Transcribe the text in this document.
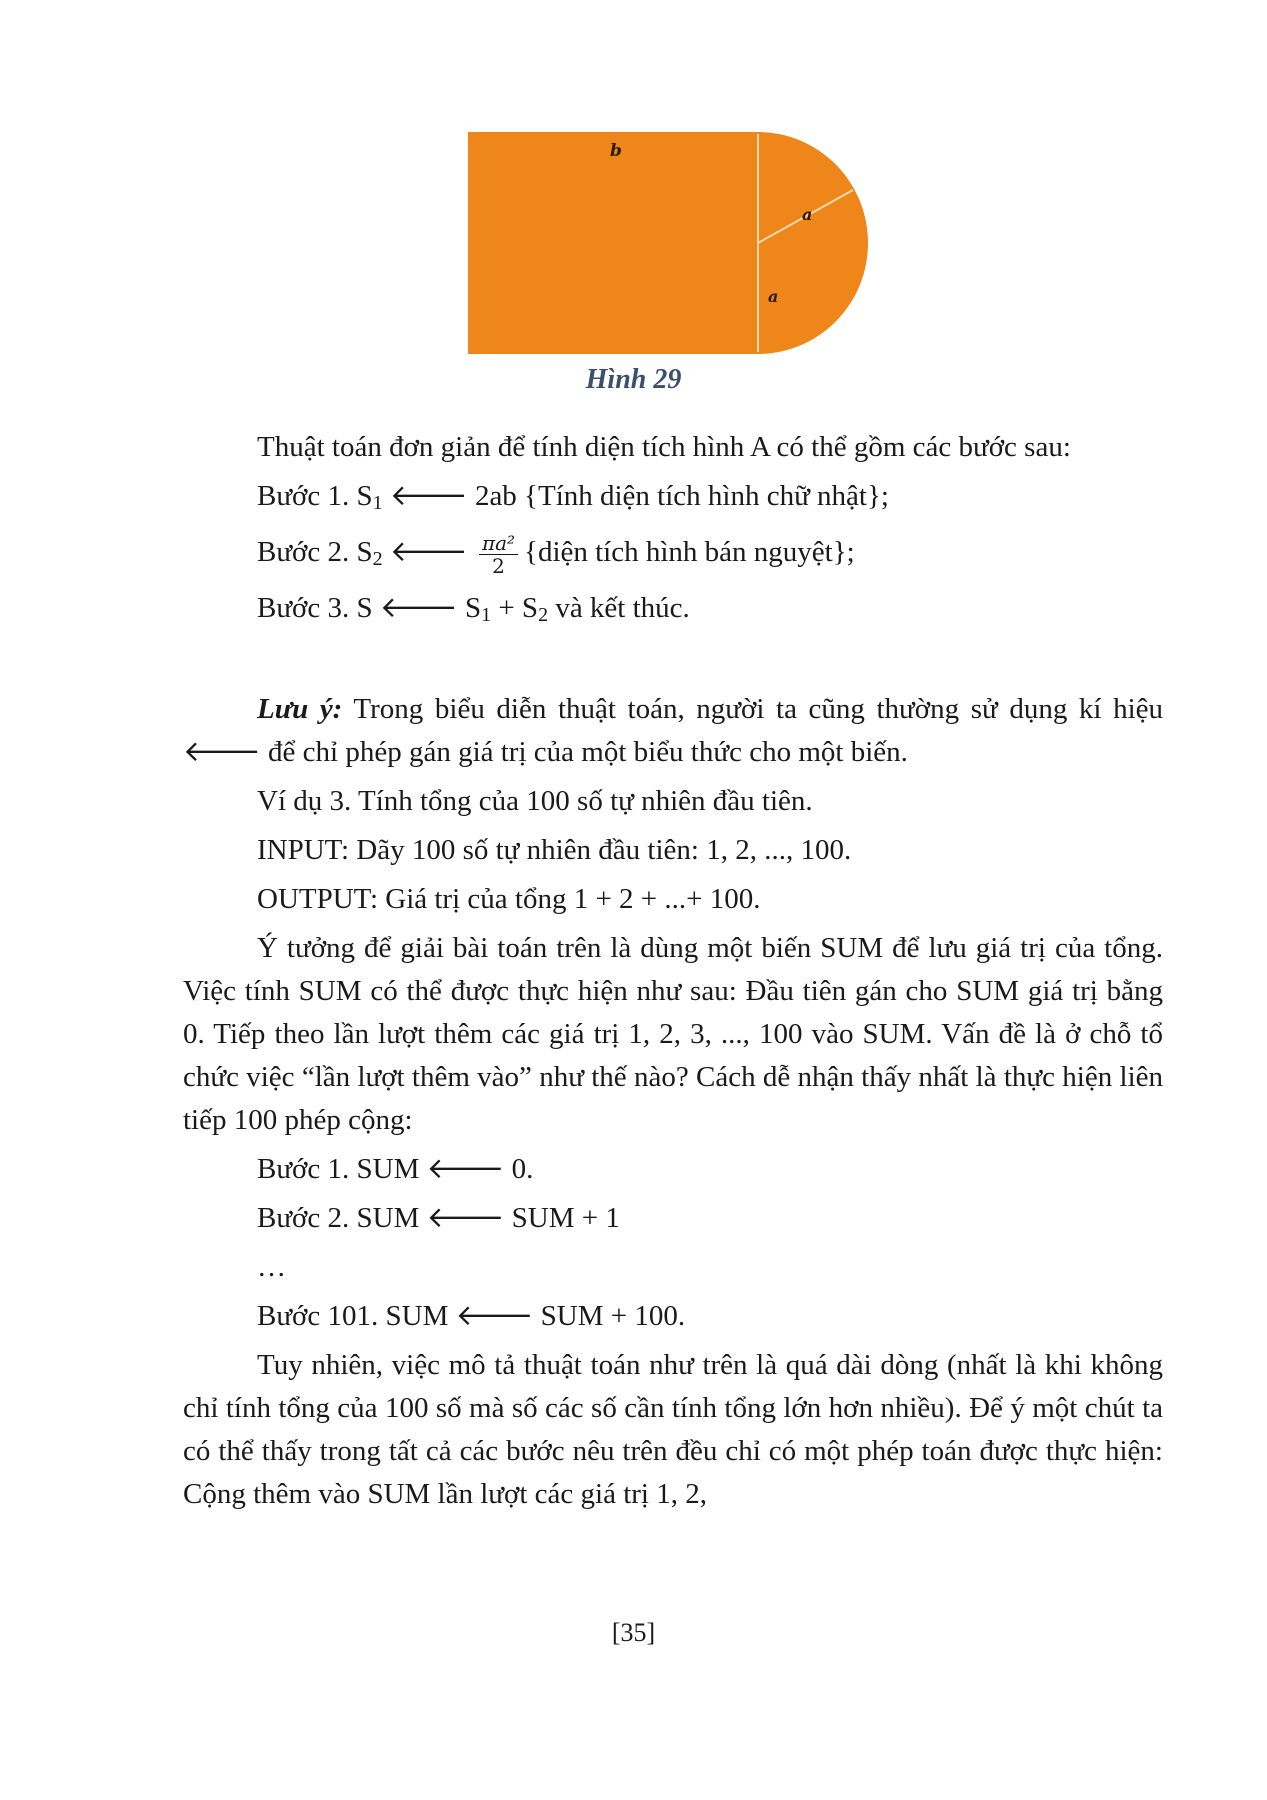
b
a
a
Hình 29

Thuật toán đơn giản để tính diện tích hình A có thể gồm các bước sau:

Bước 1. $S_1$ 🡐 2ab {Tính diện tích hình chữ nhật};

Bước 2. $S_2$ 🡐 $\frac{\text{πa²}}{2}$ {diện tích hình bán nguyệt};

Bước 3. S 🡐 $S_1 + S_2$ và kết thúc.

Lưu ý: Trong biểu diễn thuật toán, người ta cũng thường sử dụng kí hiệu 🡐 để chỉ phép gán giá trị của một biểu thức cho một biến.

Ví dụ 3. Tính tổng của 100 số tự nhiên đầu tiên.

INPUT: Dãy 100 số tự nhiên đầu tiên: 1, 2, ..., 100.

OUTPUT: Giá trị của tổng 1 + 2 + ...+ 100.

Ý tưởng để giải bài toán trên là dùng một biến SUM để lưu giá trị của tổng. Việc tính SUM có thể được thực hiện như sau: Đầu tiên gán cho SUM giá trị bằng 0. Tiếp theo lần lượt thêm các giá trị 1, 2, 3, ..., 100 vào SUM. Vấn đề là ở chỗ tổ chức việc “lần lượt thêm vào” như thế nào? Cách dễ nhận thấy nhất là thực hiện liên tiếp 100 phép cộng:

Bước 1. SUM 🡐 0.

Bước 2. SUM 🡐 SUM + 1

…

Bước 101. SUM 🡐 SUM + 100.

Tuy nhiên, việc mô tả thuật toán như trên là quá dài dòng (nhất là khi không chỉ tính tổng của 100 số mà số các số cần tính tổng lớn hơn nhiều). Để ý một chút ta có thể thấy trong tất cả các bước nêu trên đều chỉ có một phép toán được thực hiện: Cộng thêm vào SUM lần lượt các giá trị 1, 2,

[35]
